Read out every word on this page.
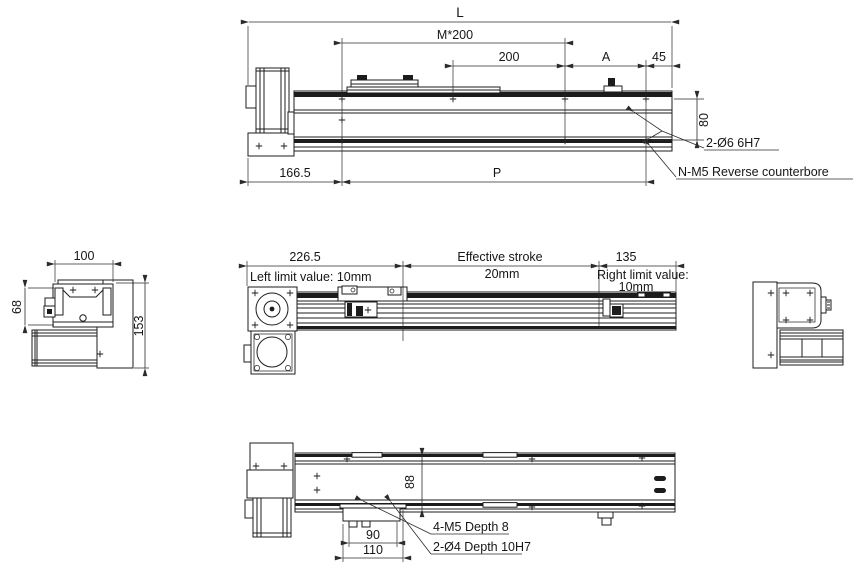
L
M*200
200	A	45
80
166.5	P
2-Ø6 6H7
N-M5 Reverse counterbore
100
68
153
226.5	Effective stroke
20mm
135
Left limit value: 10mm	Right limit value:
10mm
88
90
110
4-M5 Depth 8
2-Ø4 Depth 10H7
